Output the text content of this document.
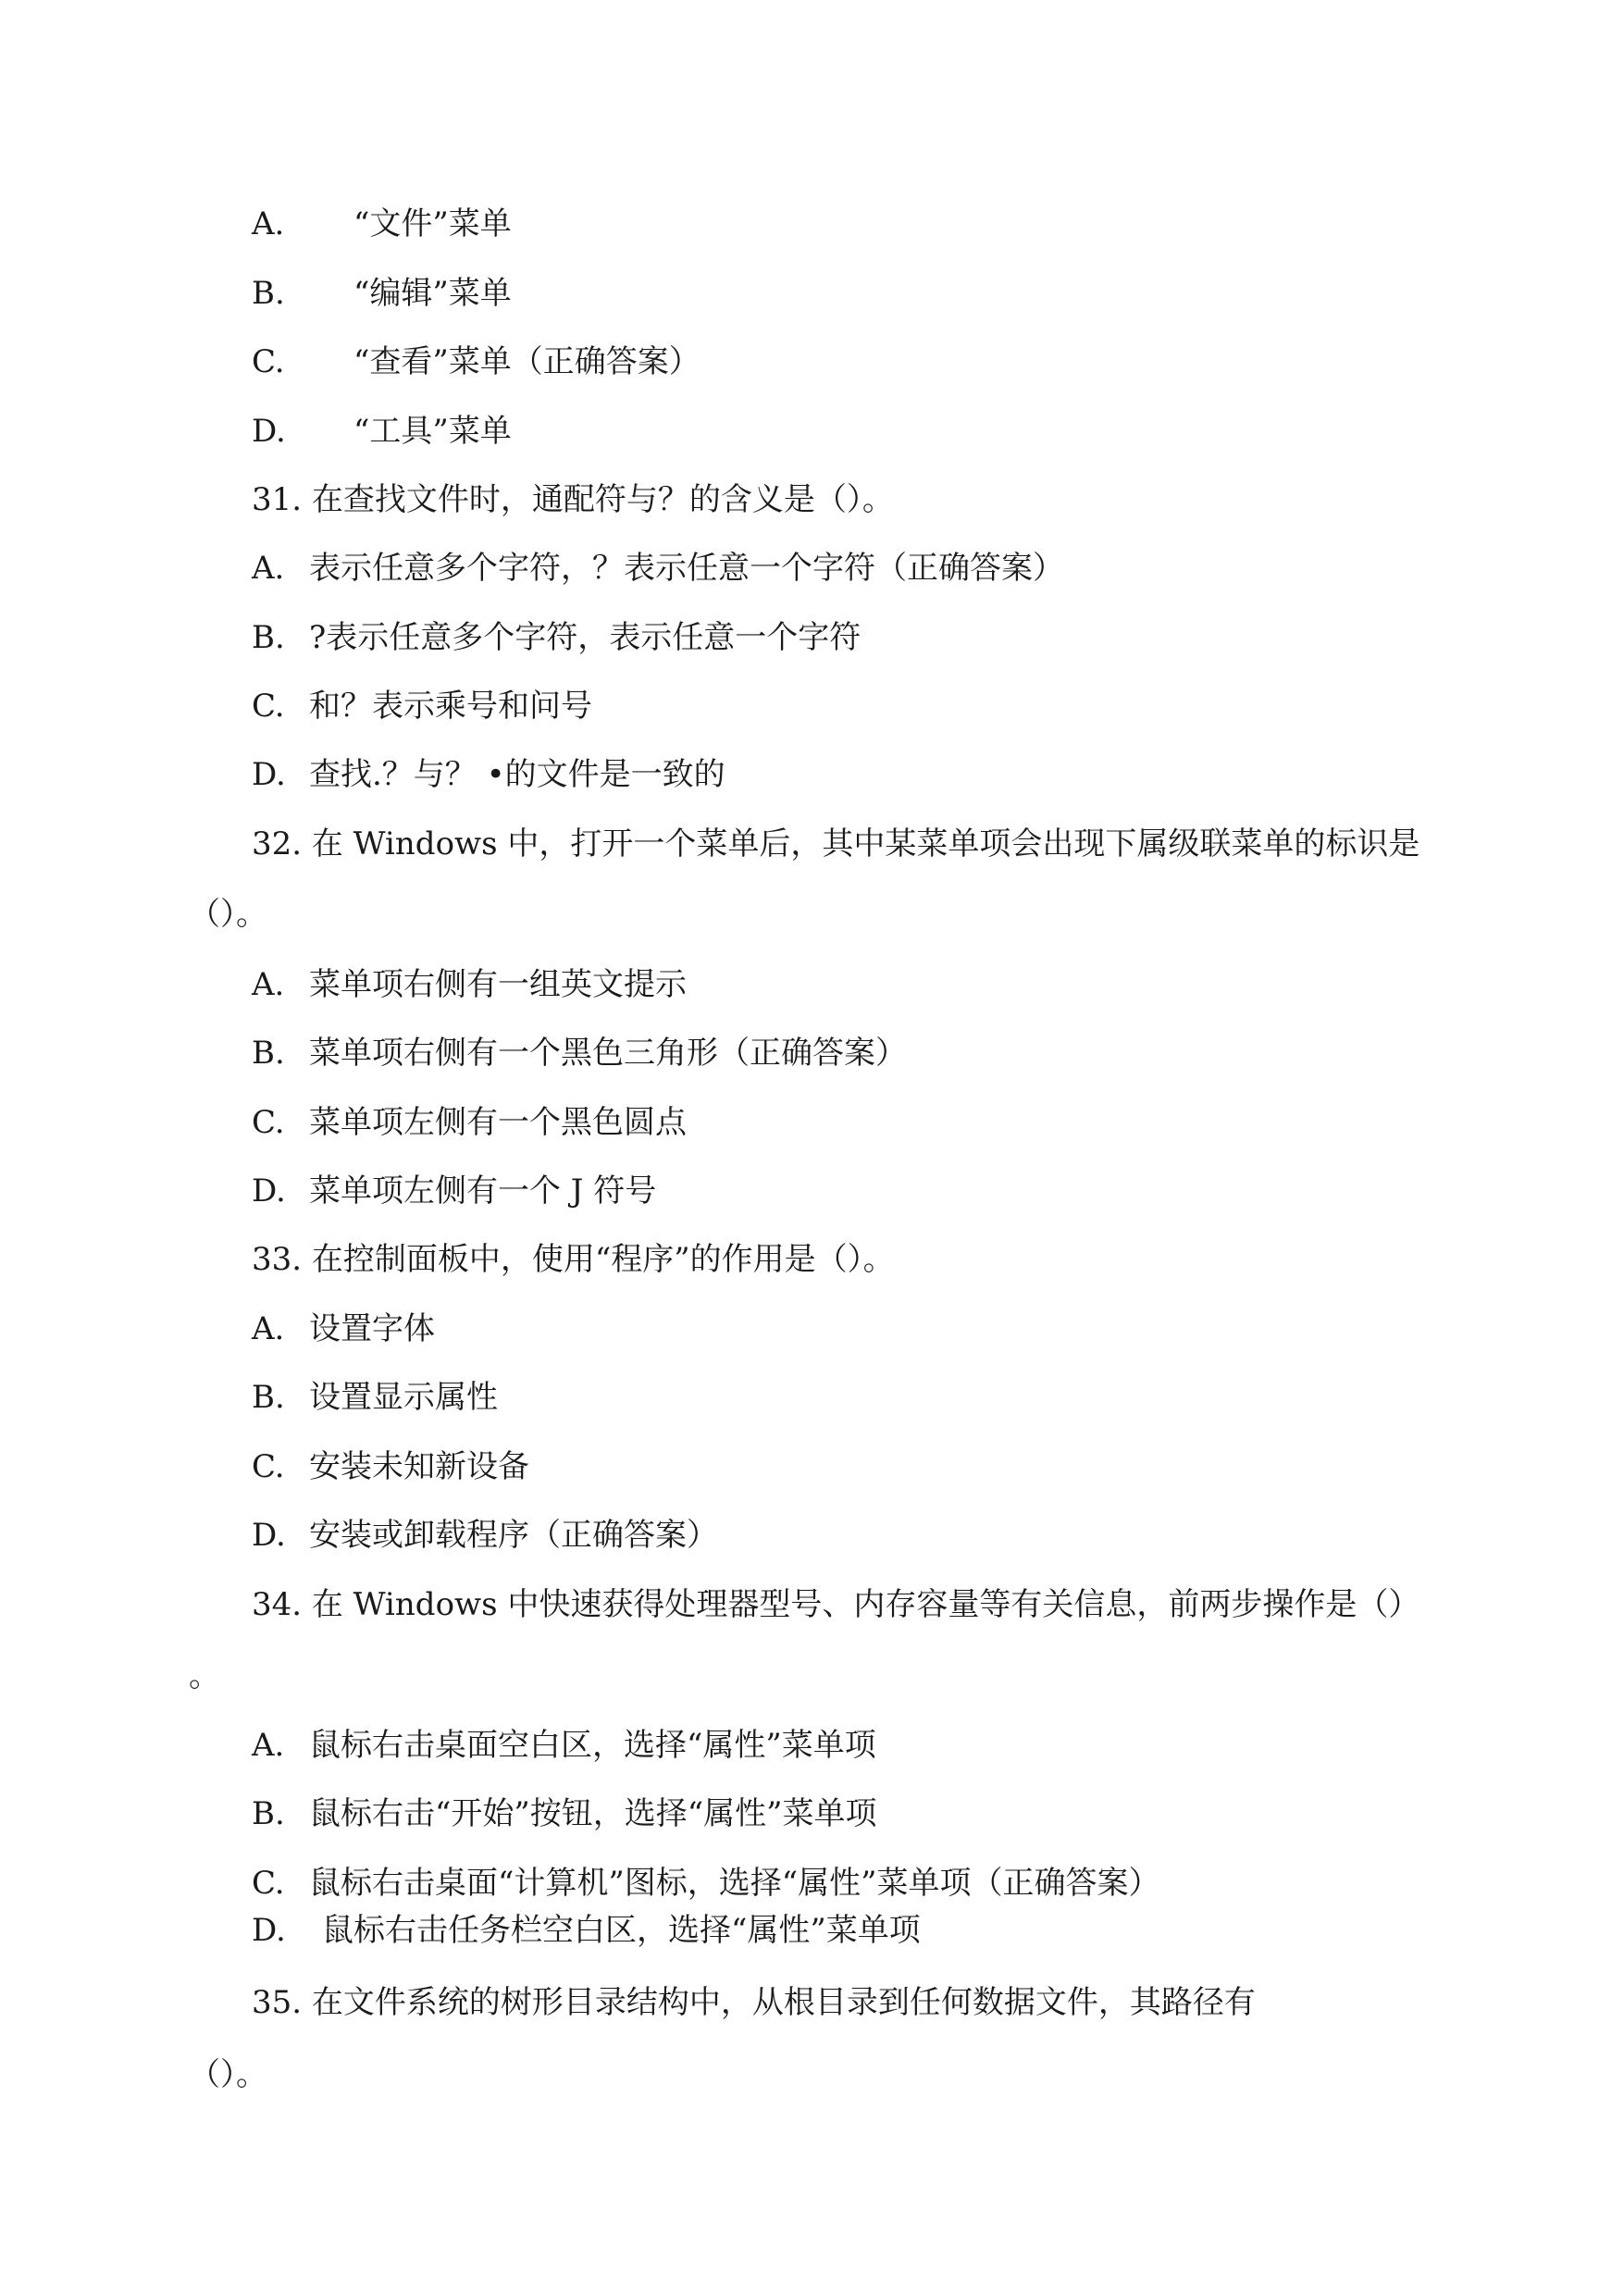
A. “文件”菜单
B. “编辑”菜单
C. “查看”菜单（正确答案）
D. “工具”菜单
31. 在查找文件时，通配符与？的含义是（）。
A. 表示任意多个字符，？表示任意一个字符（正确答案）
B. ?表示任意多个字符，表示任意一个字符
C. 和？表示乘号和问号
D. 查找.？与？ •的文件是一致的
32. 在 Windows 中，打开一个菜单后，其中某菜单项会出现下属级联菜单的标识是
（）。
A. 菜单项右侧有一组英文提示
B. 菜单项右侧有一个黑色三角形（正确答案）
C. 菜单项左侧有一个黑色圆点
D. 菜单项左侧有一个 J 符号
33. 在控制面板中，使用“程序”的作用是（）。
A. 设置字体
B. 设置显示属性
C. 安装未知新设备
D. 安装或卸载程序（正确答案）
34. 在 Windows 中快速获得处理器型号、内存容量等有关信息，前两步操作是（）
。
A. 鼠标右击桌面空白区，选择“属性”菜单项
B. 鼠标右击“开始”按钮，选择“属性”菜单项
C. 鼠标右击桌面“计算机”图标，选择“属性”菜单项（正确答案）
D. 鼠标右击任务栏空白区，选择“属性”菜单项
35. 在文件系统的树形目录结构中，从根目录到任何数据文件，其路径有
（）。
